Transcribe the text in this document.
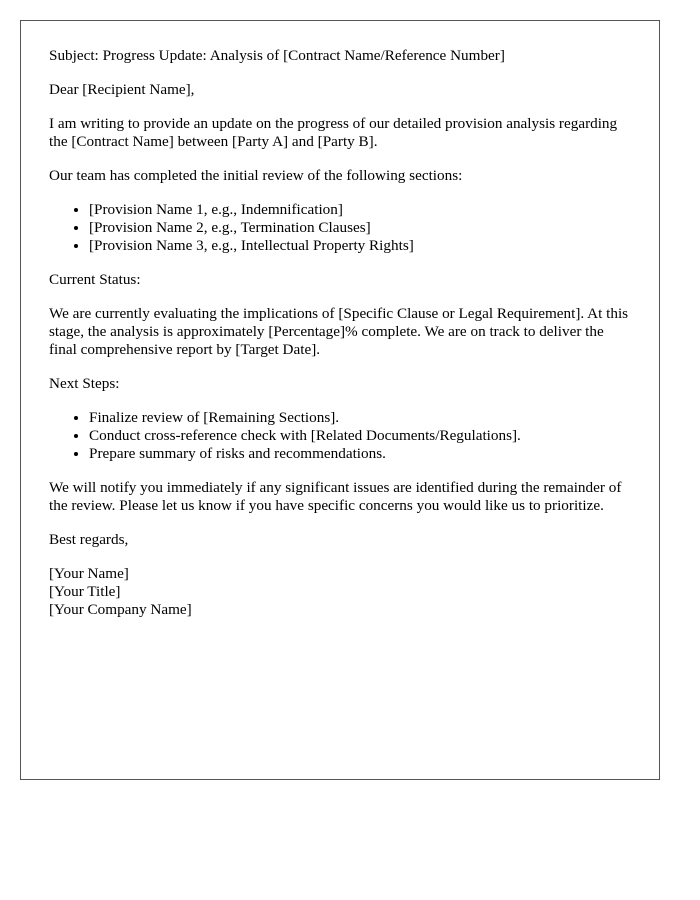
Subject: Progress Update: Analysis of [Contract Name/Reference Number]

Dear [Recipient Name],

I am writing to provide an update on the progress of our detailed provision analysis regarding the [Contract Name] between [Party A] and [Party B].

Our team has completed the initial review of the following sections:

• [Provision Name 1, e.g., Indemnification]
• [Provision Name 2, e.g., Termination Clauses]
• [Provision Name 3, e.g., Intellectual Property Rights]

Current Status:

We are currently evaluating the implications of [Specific Clause or Legal Requirement]. At this stage, the analysis is approximately [Percentage]% complete. We are on track to deliver the final comprehensive report by [Target Date].

Next Steps:

• Finalize review of [Remaining Sections].
• Conduct cross-reference check with [Related Documents/Regulations].
• Prepare summary of risks and recommendations.

We will notify you immediately if any significant issues are identified during the remainder of the review. Please let us know if you have specific concerns you would like us to prioritize.

Best regards,

[Your Name]
[Your Title]
[Your Company Name]
